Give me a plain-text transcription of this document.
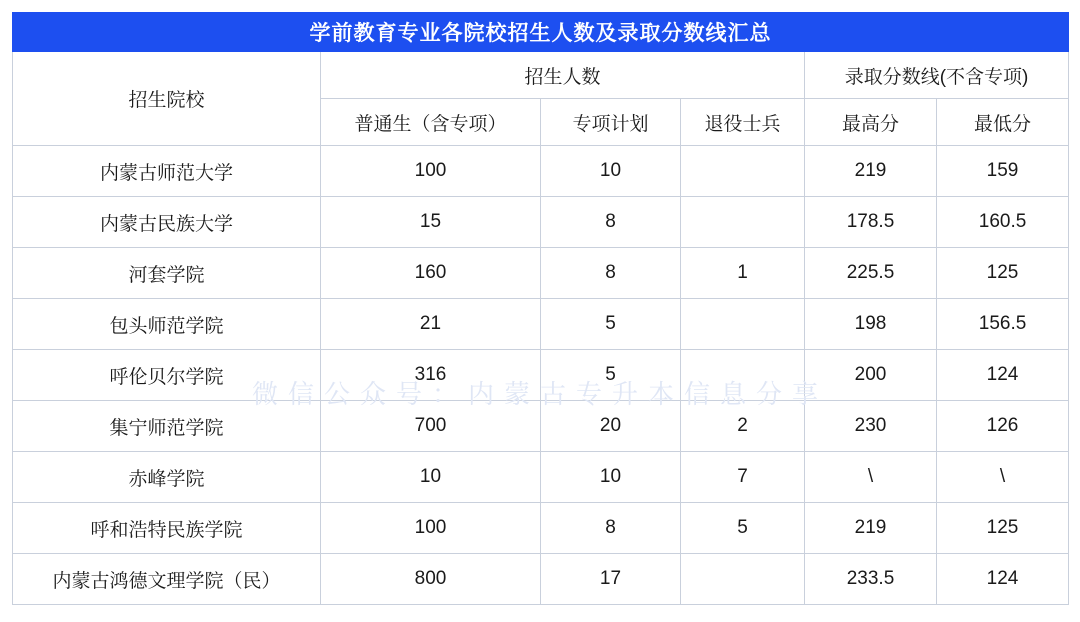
微信公众号：内蒙古专升本信息分享
学前教育专业各院校招生人数及录取分数线汇总					
招生院校	招生人数			录取分数线(不含专项)	
	普通生（含专项）	专项计划	退役士兵	最高分	最低分
内蒙古师范大学	100	10		219	159
内蒙古民族大学	15	8		178.5	160.5
河套学院	160	8	1	225.5	125
包头师范学院	21	5		198	156.5
呼伦贝尔学院	316	5		200	124
集宁师范学院	700	20	2	230	126
赤峰学院	10	10	7	\	\
呼和浩特民族学院	100	8	5	219	125
内蒙古鸿德文理学院（民）	800	17		233.5	124
